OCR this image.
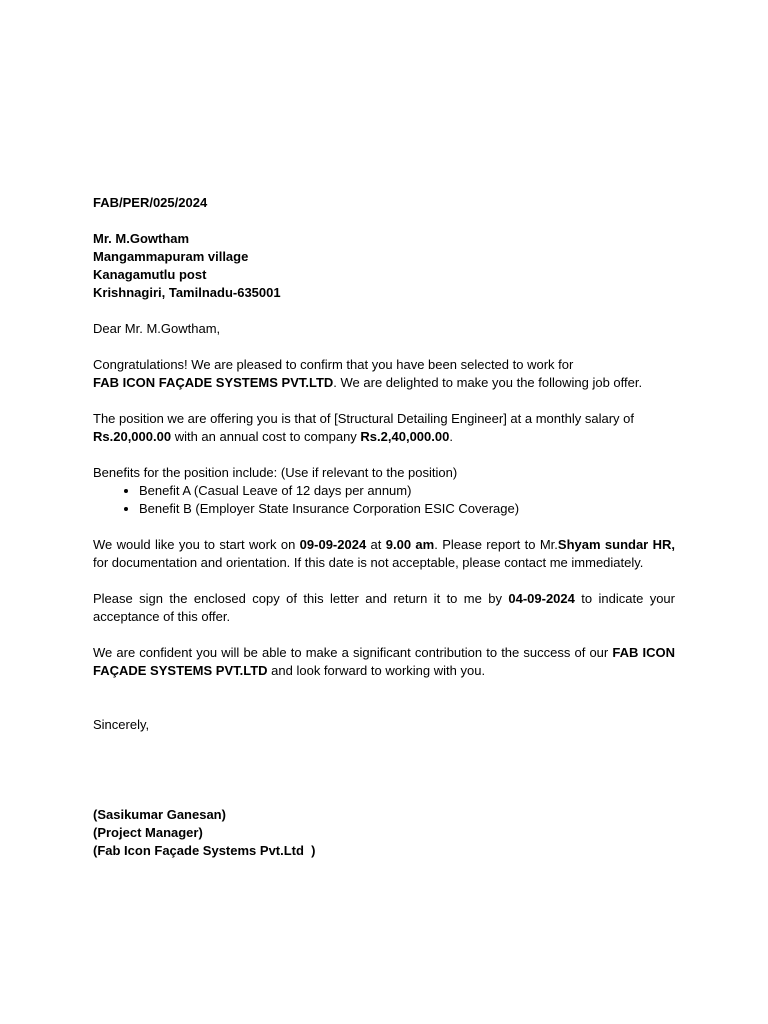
FAB/PER/025/2024

Mr. M.Gowtham

Mangammapuram village

Kanagamutlu post

Krishnagiri, Tamilnadu-635001

Dear Mr. M.Gowtham,

Congratulations! We are pleased to confirm that you have been selected to work for
FAB ICON FAÇADE SYSTEMS PVT.LTD. We are delighted to make you the following job offer.
The position we are offering you is that of [Structural Detailing Engineer] at a monthly salary of Rs.20,000.00 with an annual cost to company Rs.2,40,000.00.

Benefits for the position include: (Use if relevant to the position)

• Benefit A (Casual Leave of 12 days per annum)
• Benefit B (Employer State Insurance Corporation ESIC Coverage)
We would like you to start work on 09-09-2024 at 9.00 am. Please report to Mr.Shyam sundar HR, for documentation and orientation. If this date is not acceptable, please contact me immediately.
Please sign the enclosed copy of this letter and return it to me by 04-09-2024 to indicate your acceptance of this offer.
We are confident you will be able to make a significant contribution to the success of our FAB ICON FAÇADE SYSTEMS PVT.LTD and look forward to working with you.

Sincerely,

(Sasikumar Ganesan)

(Project Manager)

(Fab Icon Façade Systems Pvt.Ltd  )
